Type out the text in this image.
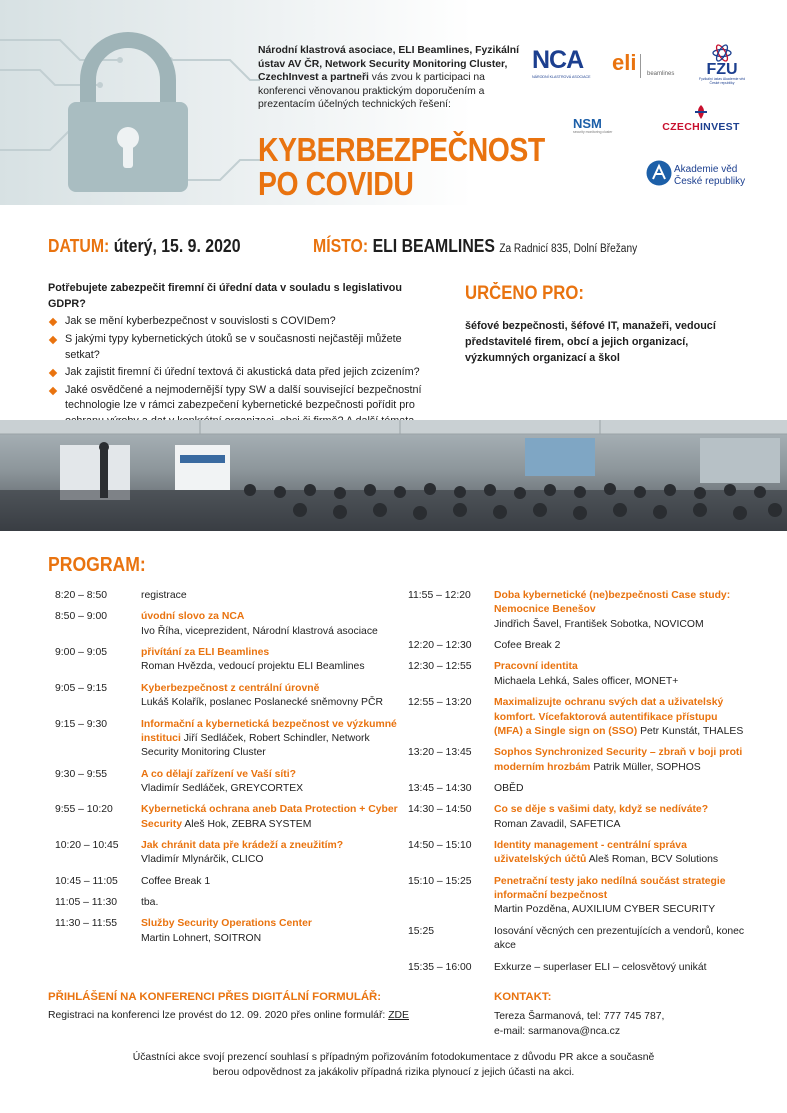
Národní klastrová asociace, ELI Beamlines, Fyzikální ústav AV ČR, Network Security Monitoring Cluster, CzechInvest a partneři vás zvou k participaci na konferenci věnovanou praktickým doporučením a prezentacím účelných technických řešení:
KYBERBEZPEČNOST
PO COVIDU
NCA
NÁRODNÍ KLASTROVÁ ASOCIACE
eli beamlines	FZU
Fyzikální ústav Akademie věd České republiky
NSM
security monitoring cluster	CZECHINVEST
Akademie věd
České republiky
DATUM: úterý, 15. 9. 2020	MÍSTO: ELI BEAMLINES Za Radnicí 835, Dolní Břežany
Potřebujete zabezpečit firemní či úřední data v souladu s legislativou GDPR?
Jak se mění kyberbezpečnost v souvislosti s COVIDem?
S jakými typy kybernetických útoků se v současnosti nejčastěji můžete setkat?
Jak zajistit firemní či úřední textová či akustická data před jejich zcizením?
Jaké osvědčené a nejmodernější typy SW a další související bezpečnostní technologie lze v rámci zabezpečení kybernetické bezpečnosti pořídit pro
URČENO PRO:
šéfové bezpečnosti, šéfové IT, manažeři, vedoucí představitelé firem, obcí a jejich organizací, výzkumných organizací a škol
PROGRAM:
8:20 – 8:50	registrace
8:50 – 9:00	úvodní slovo za NCA
Ivo Říha, viceprezident, Národní klastrová asociace
9:00 – 9:05	přivítání za ELI Beamlines
Roman Hvězda, vedoucí projektu ELI Beamlines
9:05 – 9:15	Kyberbezpečnost z centrální úrovně
Lukáš Kolařík, poslanec Poslanecké sněmovny PČR
9:15 – 9:30	Informační a kybernetická bezpečnost ve výzkumné instituci Jiří Sedláček, Robert Schindler, Network Security Monitoring Cluster
9:30 – 9:55	A co dělají zařízení ve Vaší síti?
Vladimír Sedláček, GREYCORTEX
9:55 – 10:20	Kybernetická ochrana aneb Data Protection + Cyber Security Aleš Hok, ZEBRA SYSTEM
10:20 – 10:45	Jak chránit data pře krádeží a zneužitím?
Vladimír Mlynárčik, CLICO
10:45 – 11:05	Coffee Break 1
11:05 – 11:30	tba.
11:30 – 11:55	Služby Security Operations Center
Martin Lohnert, SOITRON
11:55 – 12:20	Doba kybernetické (ne)bezpečnosti Case study: Nemocnice Benešov
Jindřich Šavel, František Sobotka, NOVICOM
12:20 – 12:30	Cofee Break 2
12:30 – 12:55	Pracovní identita
Michaela Lehká, Sales officer, MONET+
12:55 – 13:20	Maximalizujte ochranu svých dat a uživatelský komfort. Vícefaktorová autentifikace přístupu (MFA) a Single sign on (SSO) Petr Kunstát, THALES
13:20 – 13:45	Sophos Synchronized Security – zbraň v boji proti moderním hrozbám Patrik Müller, SOPHOS
13:45 – 14:30	OBĚD
14:30 – 14:50	Co se děje s vašimi daty, když se nedíváte?
Roman Zavadil, SAFETICA
14:50 – 15:10	Identity management - centrální správa uživatelských účtů Aleš Roman, BCV Solutions
15:10 – 15:25	Penetrační testy jako nedílná součást strategie informační bezpečnost
Martin Pozděna, AUXILIUM CYBER SECURITY
15:25	Iosování věcných cen prezentujících a vendorů, konec akce
15:35 – 16:00	Exkurze – superlaser ELI – celosvětový unikát
PŘIHLÁŠENÍ NA KONFERENCI PŘES DIGITÁLNÍ FORMULÁŘ:
Registraci na konferenci lze provést do 12. 09. 2020 přes online formulář: ZDE
KONTAKT:
Tereza Šarmanová, tel: 777 745 787,
e-mail: sarmanova@nca.cz
Účastníci akce svojí prezencí souhlasí s případným pořizováním fotodokumentace z důvodu PR akce a současně berou odpovědnost za jakákoliv případná rizika plynoucí z jejich účasti na akci.
